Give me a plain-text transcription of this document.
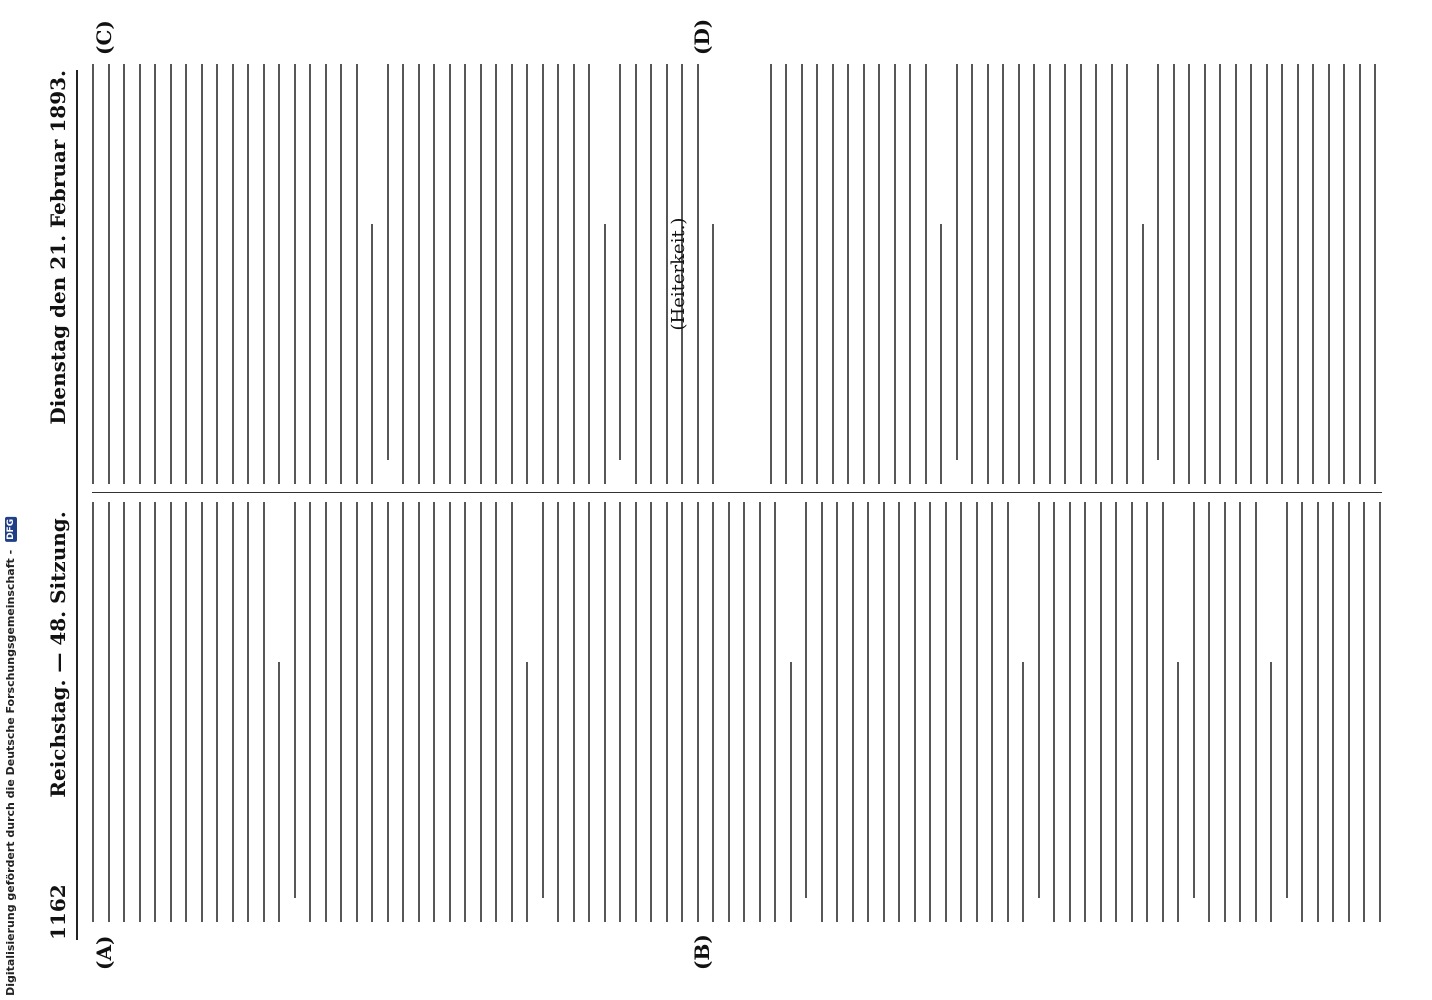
1162
Reichstag. — 48. Sitzung.
Dienstag den 21. Februar 1893.
(A)	(B)
(C)	(D)
(Heiterkeit.)
Digitalisierung gefördert durch die Deutsche Forschungsgemeinschaft - DFG
